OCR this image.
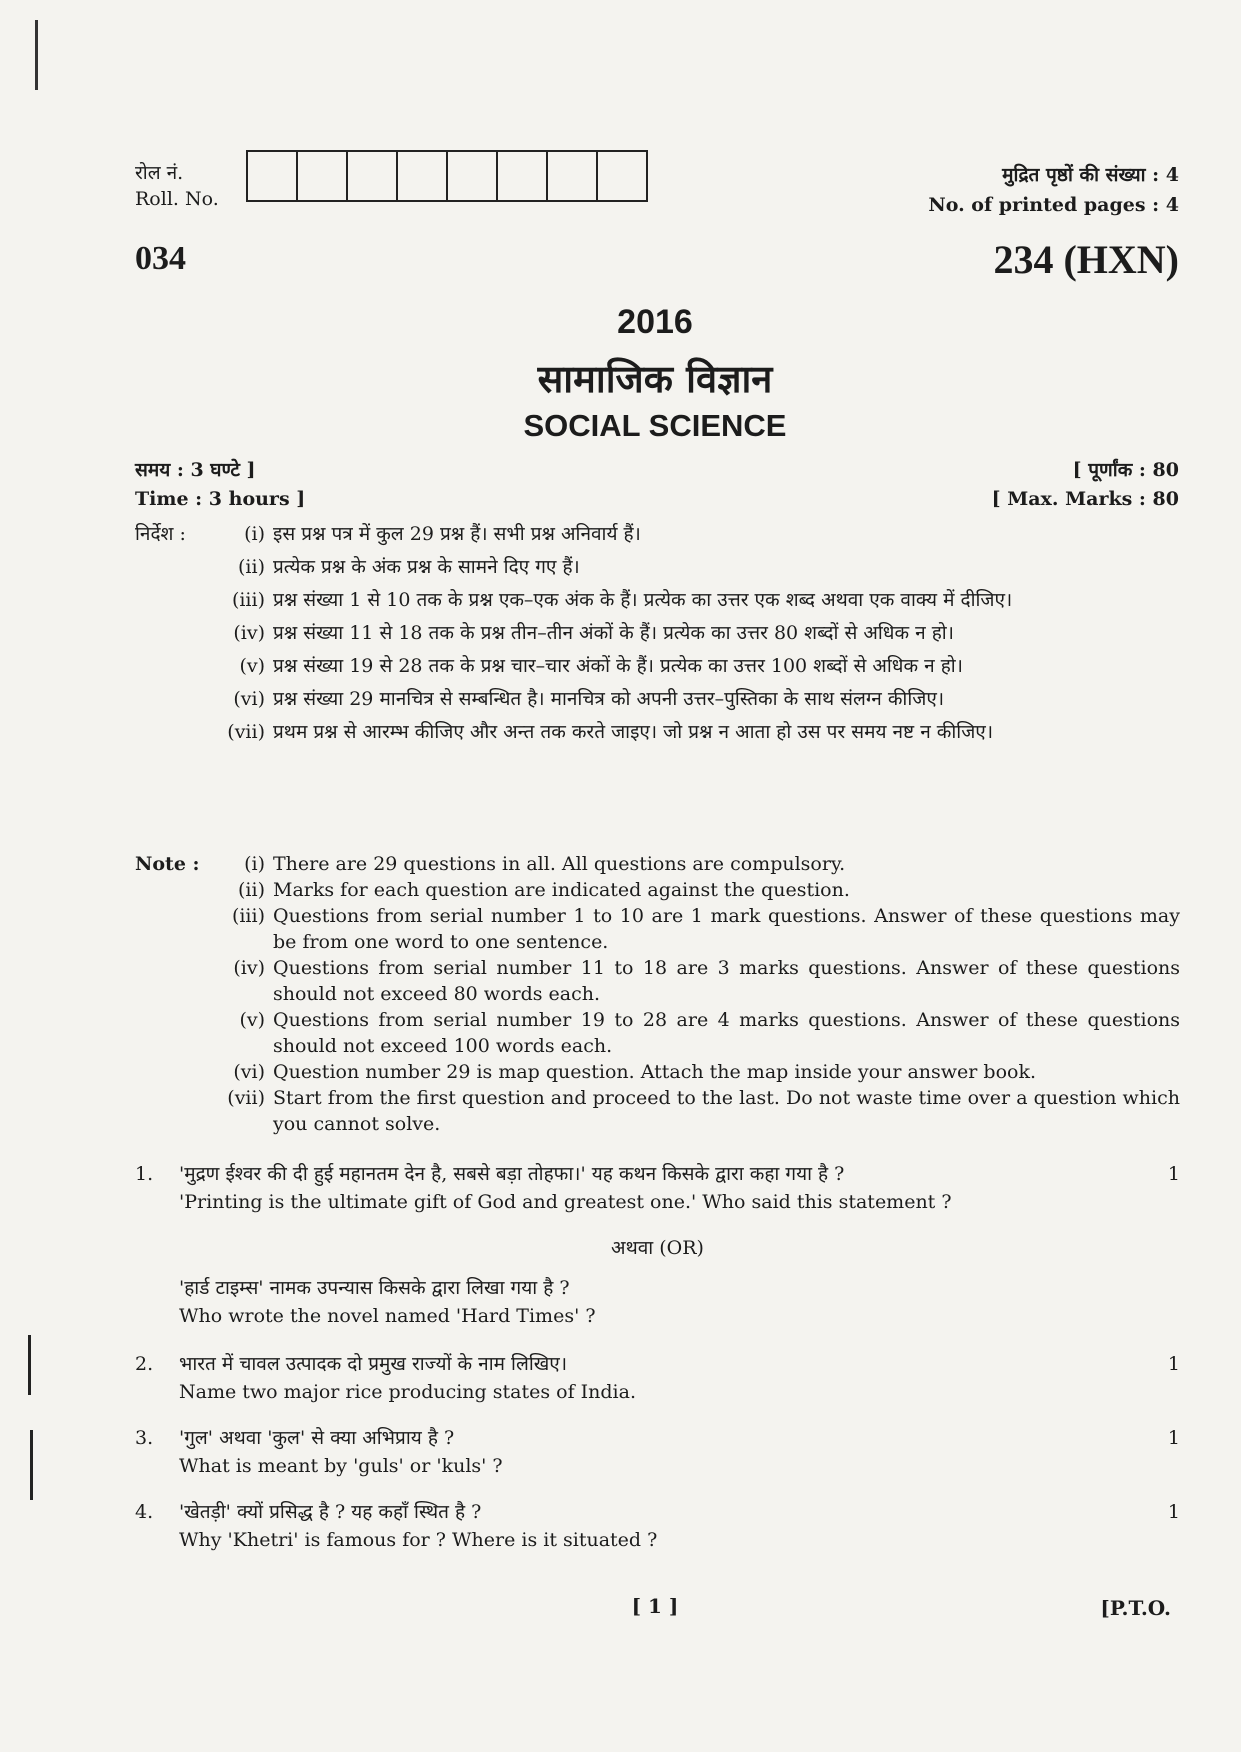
रोल नं.
Roll. No.
मुद्रित पृष्ठों की संख्या : 4
No. of printed pages : 4
034	234 (HXN)
2016
सामाजिक विज्ञान
SOCIAL SCIENCE
समय : 3 घण्टे ]
Time : 3 hours ]
[ पूर्णांक : 80
[ Max. Marks : 80
निर्देश :	(i) इस प्रश्न पत्र में कुल 29 प्रश्न हैं। सभी प्रश्न अनिवार्य हैं।
(ii) प्रत्येक प्रश्न के अंक प्रश्न के सामने दिए गए हैं।
(iii) प्रश्न संख्या 1 से 10 तक के प्रश्न एक–एक अंक के हैं। प्रत्येक का उत्तर एक शब्द अथवा एक वाक्य में दीजिए।
(iv) प्रश्न संख्या 11 से 18 तक के प्रश्न तीन–तीन अंकों के हैं। प्रत्येक का उत्तर 80 शब्दों से अधिक न हो।
(v) प्रश्न संख्या 19 से 28 तक के प्रश्न चार–चार अंकों के हैं। प्रत्येक का उत्तर 100 शब्दों से अधिक न हो।
(vi) प्रश्न संख्या 29 मानचित्र से सम्बन्धित है। मानचित्र को अपनी उत्तर–पुस्तिका के साथ संलग्न कीजिए।
(vii) प्रथम प्रश्न से आरम्भ कीजिए और अन्त तक करते जाइए। जो प्रश्न न आता हो उस पर समय नष्ट न कीजिए।
Note :	(i) There are 29 questions in all. All questions are compulsory.
(ii) Marks for each question are indicated against the question.
(iii) Questions from serial number 1 to 10 are 1 mark questions. Answer of these questions may be from one word to one sentence.
(iv) Questions from serial number 11 to 18 are 3 marks questions. Answer of these questions should not exceed 80 words each.
(v) Questions from serial number 19 to 28 are 4 marks questions. Answer of these questions should not exceed 100 words each.
(vi) Question number 29 is map question. Attach the map inside your answer book.
(vii) Start from the first question and proceed to the last. Do not waste time over a question which you cannot solve.
1.	'मुद्रण ईश्वर की दी हुई महानतम देन है, सबसे बड़ा तोहफा।' यह कथन किसके द्वारा कहा गया है ?
'Printing is the ultimate gift of God and greatest one.' Who said this statement ?
1
अथवा (OR)
'हार्ड टाइम्स' नामक उपन्यास किसके द्वारा लिखा गया है ?
Who wrote the novel named 'Hard Times' ?
2.	भारत में चावल उत्पादक दो प्रमुख राज्यों के नाम लिखिए।
Name two major rice producing states of India.
1
3.	'गुल' अथवा 'कुल' से क्या अभिप्राय है ?
What is meant by 'guls' or 'kuls' ?
1
4.	'खेतड़ी' क्यों प्रसिद्ध है ? यह कहाँ स्थित है ?
Why 'Khetri' is famous for ? Where is it situated ?
1
[ 1 ]	[P.T.O.
